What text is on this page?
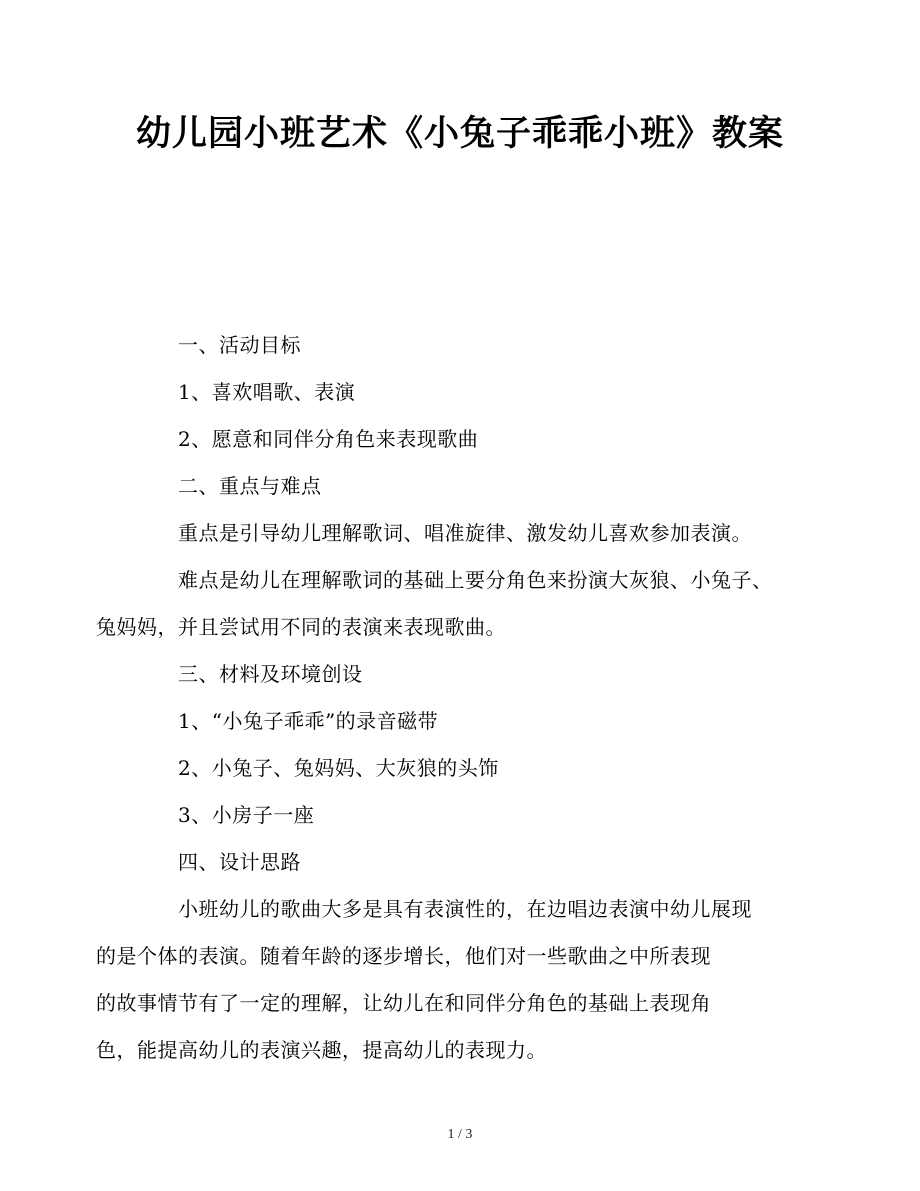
幼儿园小班艺术《小兔子乖乖小班》教案

一、活动目标

1、喜欢唱歌、表演

2、愿意和同伴分角色来表现歌曲

二、重点与难点

重点是引导幼儿理解歌词、唱准旋律、激发幼儿喜欢参加表演。

难点是幼儿在理解歌词的基础上要分角色来扮演大灰狼、小兔子、
兔妈妈，并且尝试用不同的表演来表现歌曲。

三、材料及环境创设

1、“小兔子乖乖”的录音磁带

2、小兔子、兔妈妈、大灰狼的头饰

3、小房子一座

四、设计思路

小班幼儿的歌曲大多是具有表演性的，在边唱边表演中幼儿展现
的是个体的表演。随着年龄的逐步增长，他们对一些歌曲之中所表现
的故事情节有了一定的理解，让幼儿在和同伴分角色的基础上表现角
色，能提高幼儿的表演兴趣，提高幼儿的表现力。

1 / 3
